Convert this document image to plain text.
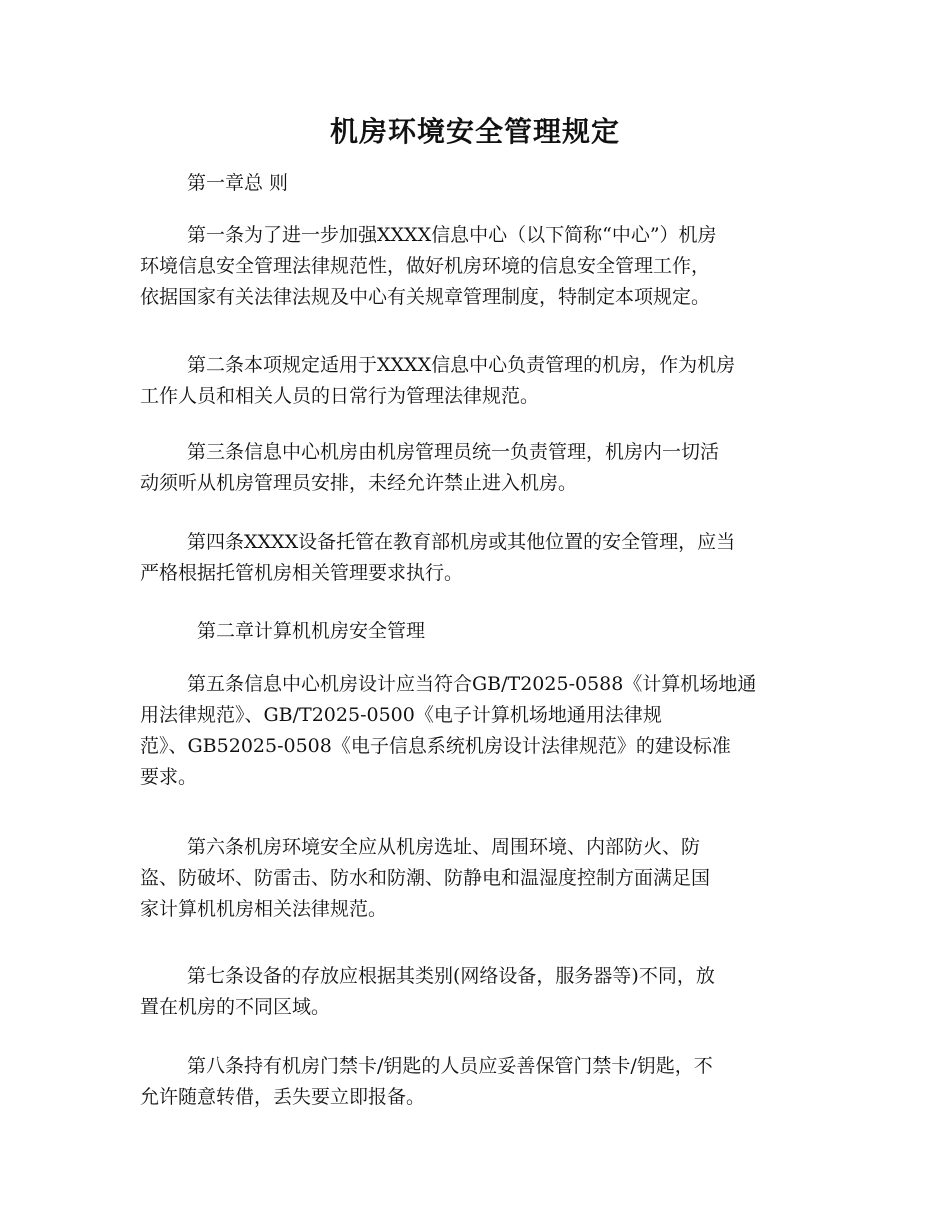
机房环境安全管理规定
第一章总 则
第一条为了进一步加强XXXX信息中心（以下简称“中心”）机房
环境信息安全管理法律规范性，做好机房环境的信息安全管理工作，
依据国家有关法律法规及中心有关规章管理制度，特制定本项规定。
第二条本项规定适用于XXXX信息中心负责管理的机房，作为机房
工作人员和相关人员的日常行为管理法律规范。
第三条信息中心机房由机房管理员统一负责管理，机房内一切活
动须听从机房管理员安排，未经允许禁止进入机房。
第四条XXXX设备托管在教育部机房或其他位置的安全管理，应当
严格根据托管机房相关管理要求执行。
第二章计算机机房安全管理
第五条信息中心机房设计应当符合GB/T2025-0588《计算机场地通
用法律规范》、GB/T2025-0500《电子计算机场地通用法律规
范》、GB52025-0508《电子信息系统机房设计法律规范》的建设标准
要求。
第六条机房环境安全应从机房选址、周围环境、内部防火、防
盗、防破坏、防雷击、防水和防潮、防静电和温湿度控制方面满足国
家计算机机房相关法律规范。
第七条设备的存放应根据其类别(网络设备，服务器等)不同，放
置在机房的不同区域。
第八条持有机房门禁卡/钥匙的人员应妥善保管门禁卡/钥匙，不
允许随意转借，丢失要立即报备。
